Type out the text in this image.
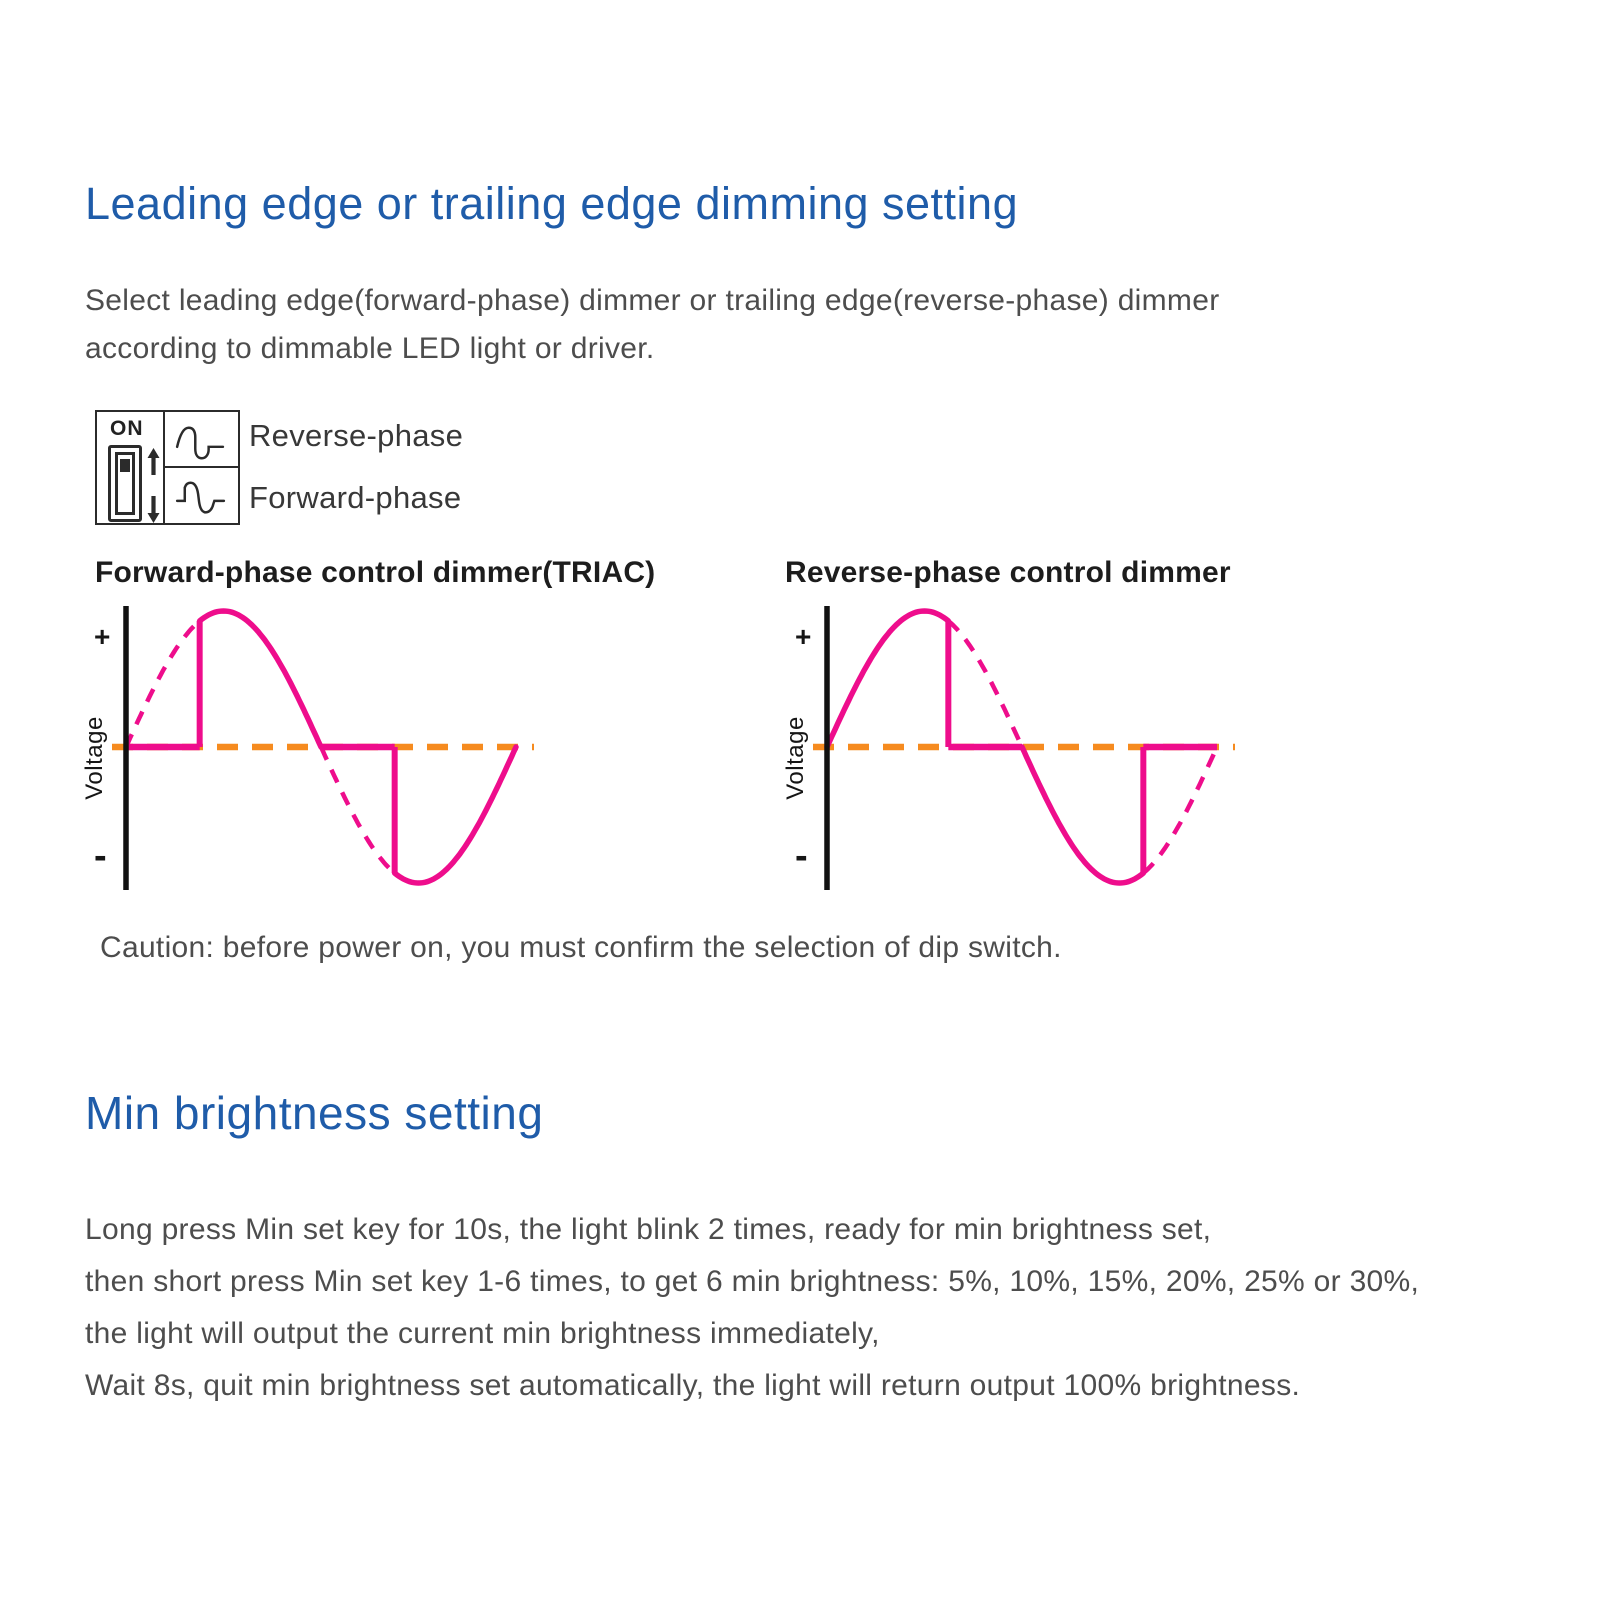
Leading edge or trailing edge dimming setting
Select leading edge(forward-phase) dimmer or trailing edge(reverse-phase) dimmer
according to dimmable LED light or driver.
ON	Reverse-phase
Forward-phase
Forward-phase control dimmer(TRIAC)	Reverse-phase control dimmer
+
Voltage
-
+
Voltage
-
Caution: before power on, you must confirm the selection of dip switch.
Min brightness setting
Long press Min set key for 10s, the light blink 2 times, ready for min brightness set,
then short press Min set key 1-6 times, to get 6 min brightness: 5%, 10%, 15%, 20%, 25% or 30%,
the light will output the current min brightness immediately,
Wait 8s, quit min brightness set automatically, the light will return output 100% brightness.
